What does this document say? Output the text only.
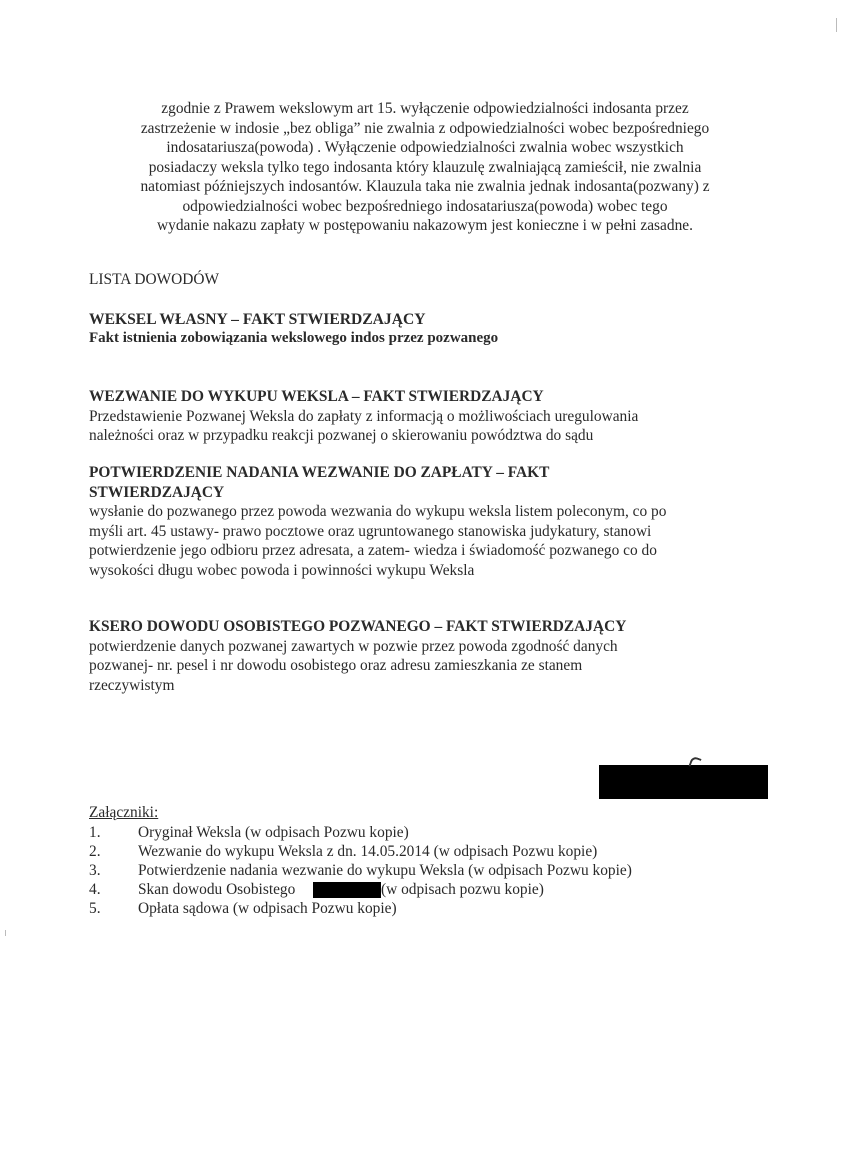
zgodnie z Prawem wekslowym art 15. wyłączenie odpowiedzialności indosanta przez
zastrzeżenie w indosie „bez obliga” nie zwalnia z odpowiedzialności wobec bezpośredniego
indosatariusza(powoda) . Wyłączenie odpowiedzialności zwalnia wobec wszystkich
posiadaczy weksla tylko tego indosanta który klauzulę zwalniającą zamieścił, nie zwalnia
natomiast późniejszych indosantów. Klauzula taka nie zwalnia jednak indosanta(pozwany) z
odpowiedzialności wobec bezpośredniego indosatariusza(powoda) wobec tego
wydanie nakazu zapłaty w postępowaniu nakazowym jest konieczne i w pełni zasadne.

LISTA DOWODÓW
WEKSEL WŁASNY – FAKT STWIERDZAJĄCY
Fakt istnienia zobowiązania wekslowego indos przez pozwanego
WEZWANIE DO WYKUPU WEKSLA – FAKT STWIERDZAJĄCY
Przedstawienie Pozwanej Weksla do zapłaty z informacją o możliwościach uregulowania
należności oraz w przypadku reakcji pozwanej o skierowaniu powództwa do sądu
POTWIERDZENIE NADANIA WEZWANIE DO ZAPŁATY – FAKT
STWIERDZAJĄCY
wysłanie do pozwanego przez powoda wezwania do wykupu weksla listem poleconym, co po
myśli art. 45 ustawy- prawo pocztowe oraz ugruntowanego stanowiska judykatury, stanowi
potwierdzenie jego odbioru przez adresata, a zatem- wiedza i świadomość pozwanego co do
wysokości długu wobec powoda i powinności wykupu Weksla
KSERO DOWODU OSOBISTEGO POZWANEGO – FAKT STWIERDZAJĄCY
potwierdzenie danych pozwanej zawartych w pozwie przez powoda zgodność danych
pozwanej- nr. pesel i nr dowodu osobistego oraz adresu zamieszkania ze stanem
rzeczywistym
Załączniki:
1.	Oryginał Weksla (w odpisach Pozwu kopie)
2.	Wezwanie do wykupu Weksla z dn. 14.05.2014 (w odpisach Pozwu kopie)
3.	Potwierdzenie nadania wezwanie do wykupu Weksla (w odpisach Pozwu kopie)
4.	Skan dowodu Osobistego	(w odpisach pozwu kopie)
5.	Opłata sądowa (w odpisach Pozwu kopie)
